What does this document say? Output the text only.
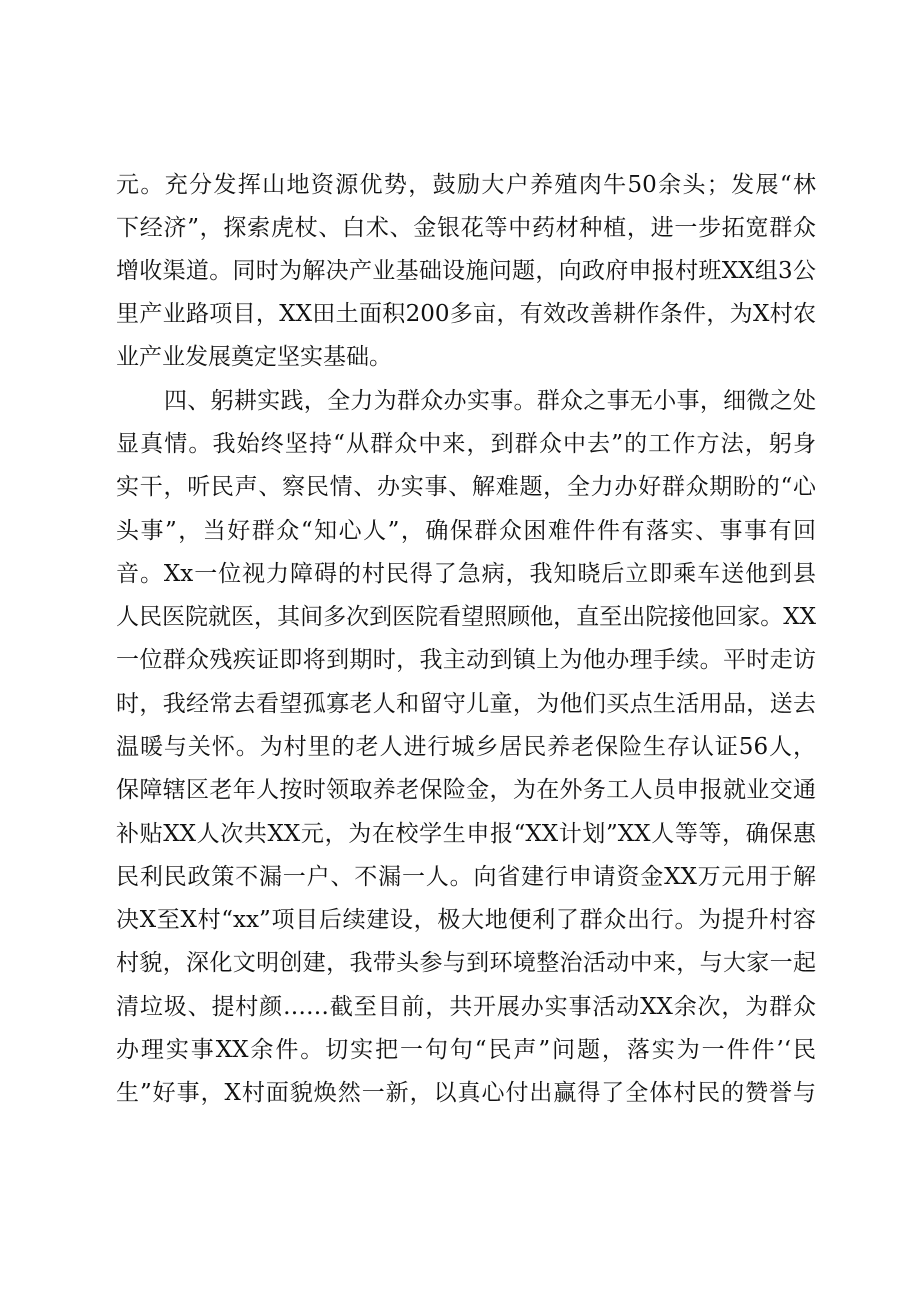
元。充分发挥山地资源优势，鼓励大户养殖肉牛50余头；发展“林
下经济”，探索虎杖、白术、金银花等中药材种植，进一步拓宽群众
增收渠道。同时为解决产业基础设施问题，向政府申报村班XX组3公
里产业路项目，XX田土面积200多亩，有效改善耕作条件，为X村农
业产业发展奠定坚实基础。
四、躬耕实践，全力为群众办实事。群众之事无小事，细微之处
显真情。我始终坚持“从群众中来，到群众中去”的工作方法，躬身
实干，听民声、察民情、办实事、解难题，全力办好群众期盼的“心
头事”，当好群众“知心人”，确保群众困难件件有落实、事事有回
音。Xx一位视力障碍的村民得了急病，我知晓后立即乘车送他到县
人民医院就医，其间多次到医院看望照顾他，直至出院接他回家。XX
一位群众残疾证即将到期时，我主动到镇上为他办理手续。平时走访
时，我经常去看望孤寡老人和留守儿童，为他们买点生活用品，送去
温暖与关怀。为村里的老人进行城乡居民养老保险生存认证56人，
保障辖区老年人按时领取养老保险金，为在外务工人员申报就业交通
补贴XX人次共XX元，为在校学生申报“XX计划”XX人等等，确保惠
民利民政策不漏一户、不漏一人。向省建行申请资金XX万元用于解
决X至X村“xx”项目后续建设，极大地便利了群众出行。为提升村容
村貌，深化文明创建，我带头参与到环境整治活动中来，与大家一起
清垃圾、提村颜……截至目前，共开展办实事活动XX余次，为群众
办理实事XX余件。切实把一句句“民声”问题，落实为一件件’‘民
生”好事，X村面貌焕然一新，以真心付出赢得了全体村民的赞誉与
